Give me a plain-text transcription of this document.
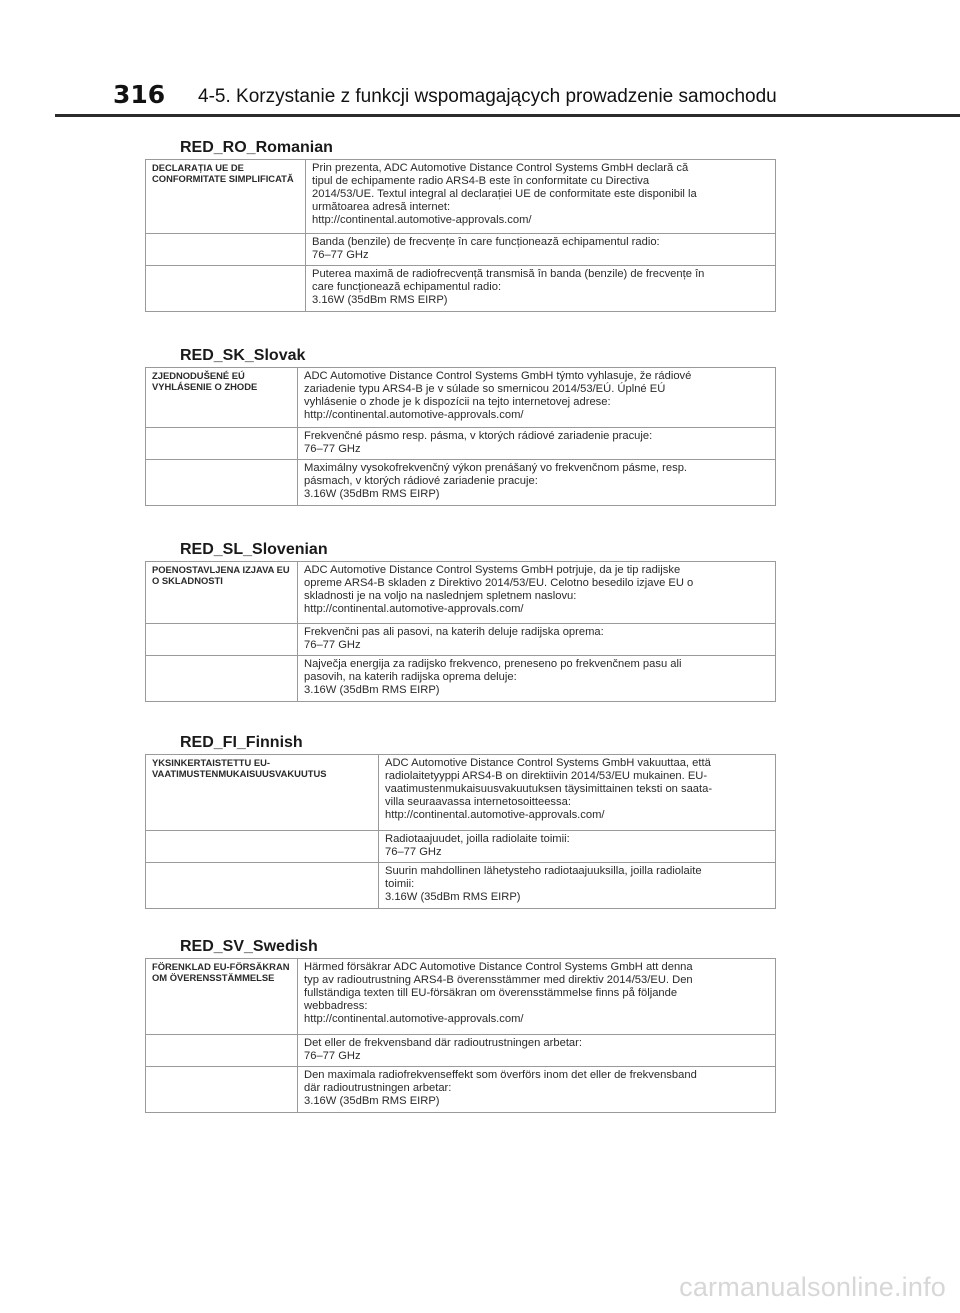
316 4-5. Korzystanie z funkcji wspomagających prowadzenie samochodu
RED_RO_Romanian
DECLARAȚIA UE DE CONFORMITATE SIMPLIFICATĂ	Prin prezenta, ADC Automotive Distance Control Systems GmbH declară că
tipul de echipamente radio ARS4-B este în conformitate cu Directiva
2014/53/UE. Textul integral al declarației UE de conformitate este disponibil la
următoarea adresă internet:
http://continental.automotive-approvals.com/

	Banda (benzile) de frecvențe în care funcționează echipamentul radio:
76–77 GHz

	Puterea maximă de radiofrecvență transmisă în banda (benzile) de frecvențe în
care funcționează echipamentul radio:
3.16W (35dBm RMS EIRP)
RED_SK_Slovak
ZJEDNODUŠENÉ EÚ VYHLÁSENIE O ZHODE	ADC Automotive Distance Control Systems GmbH týmto vyhlasuje, že rádiové
zariadenie typu ARS4-B je v súlade so smernicou 2014/53/EÚ. Úplné EÚ
vyhlásenie o zhode je k dispozícii na tejto internetovej adrese:
http://continental.automotive-approvals.com/

	Frekvenčné pásmo resp. pásma, v ktorých rádiové zariadenie pracuje:
76–77 GHz

	Maximálny vysokofrekvenčný výkon prenášaný vo frekvenčnom pásme, resp.
pásmach, v ktorých rádiové zariadenie pracuje:
3.16W (35dBm RMS EIRP)
RED_SL_Slovenian
POENOSTAVLJENA IZJAVA EU O SKLADNOSTI	ADC Automotive Distance Control Systems GmbH potrjuje, da je tip radijske
opreme ARS4-B skladen z Direktivo 2014/53/EU. Celotno besedilo izjave EU o
skladnosti je na voljo na naslednjem spletnem naslovu:
http://continental.automotive-approvals.com/

	Frekvenčni pas ali pasovi, na katerih deluje radijska oprema:
76–77 GHz

	Največja energija za radijsko frekvenco, preneseno po frekvenčnem pasu ali
pasovih, na katerih radijska oprema deluje:
3.16W (35dBm RMS EIRP)
RED_FI_Finnish
YKSINKERTAISTETTU EU-VAATIMUSTENMUKAISUUSVAKUUTUS	ADC Automotive Distance Control Systems GmbH vakuuttaa, että
radiolaitetyyppi ARS4-B on direktiivin 2014/53/EU mukainen. EU-
vaatimustenmukaisuusvakuutuksen täysimittainen teksti on saata-
villa seuraavassa internetosoitteessa:
http://continental.automotive-approvals.com/

	Radiotaajuudet, joilla radiolaite toimii:
76–77 GHz

	Suurin mahdollinen lähetysteho radiotaajuuksilla, joilla radiolaite
toimii:
3.16W (35dBm RMS EIRP)
RED_SV_Swedish
FÖRENKLAD EU-FÖRSÄKRAN OM ÖVERENSSTÄMMELSE	Härmed försäkrar ADC Automotive Distance Control Systems GmbH att denna
typ av radioutrustning ARS4-B överensstämmer med direktiv 2014/53/EU. Den
fullständiga texten till EU-försäkran om överensstämmelse finns på följande
webbadress:
http://continental.automotive-approvals.com/

	Det eller de frekvensband där radioutrustningen arbetar:
76–77 GHz

	Den maximala radiofrekvenseffekt som överförs inom det eller de frekvensband
där radioutrustningen arbetar:
3.16W (35dBm RMS EIRP)
carmanualsonline.info
